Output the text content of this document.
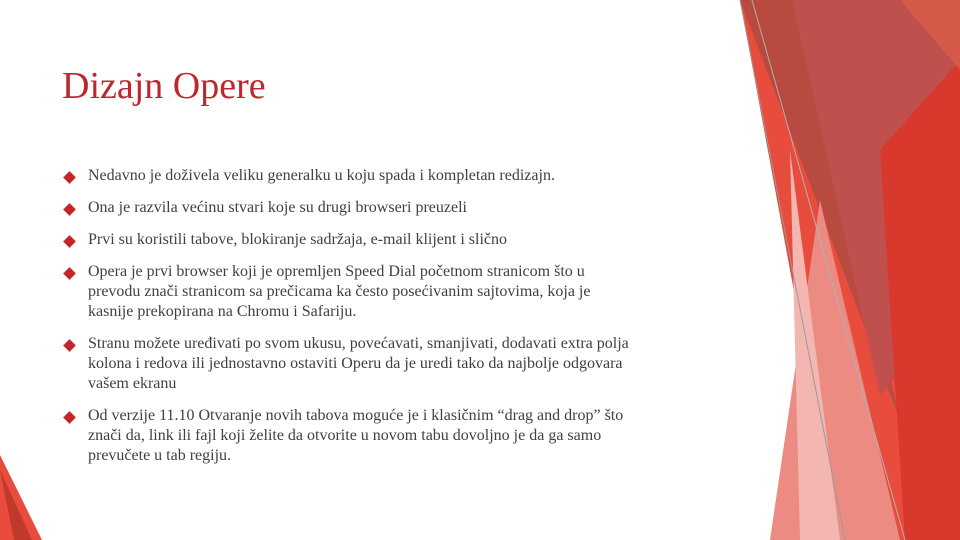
Dizajn Opere
Nedavno je doživela veliku generalku u koju spada i kompletan redizajn.
Ona je razvila većinu stvari koje su drugi browseri preuzeli
Prvi su koristili tabove, blokiranje sadržaja, e-mail klijent i slično
Opera je prvi browser koji je opremljen Speed Dial početnom stranicom što u
prevodu znači stranicom sa prečicama ka često posećivanim sajtovima, koja je
kasnije prekopirana na Chromu i Safariju.
Stranu možete uređivati po svom ukusu, povećavati, smanjivati, dodavati extra polja
kolona i redova ili jednostavno ostaviti Operu da je uredi tako da najbolje odgovara
vašem ekranu
Od verzije 11.10 Otvaranje novih tabova moguće je i klasičnim “drag and drop” što
znači da, link ili fajl koji želite da otvorite u novom tabu dovoljno je da ga samo
prevučete u tab regiju.
